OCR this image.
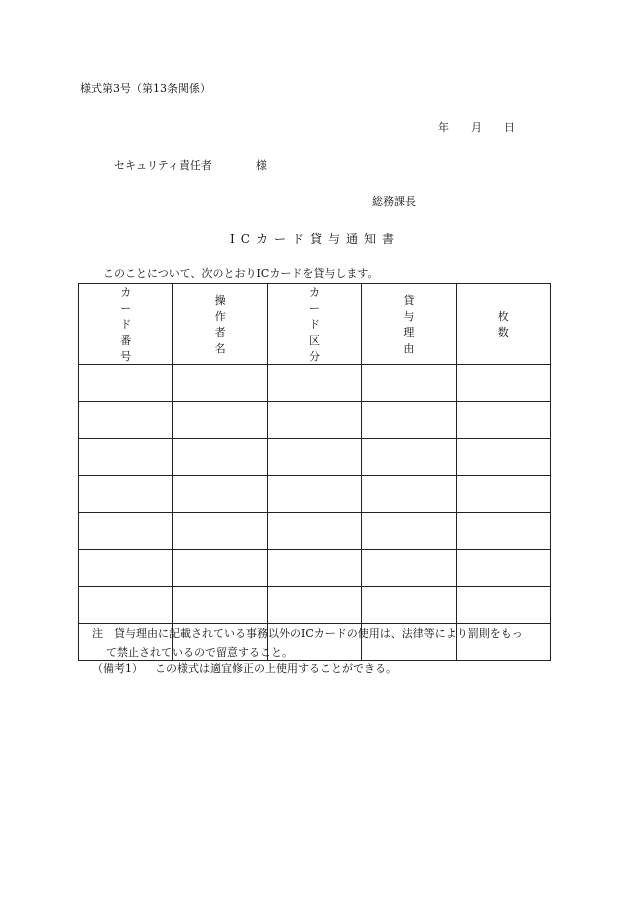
様式第3号（第13条関係）
年 月 日
セキュリティ責任者	様
総務課長
ICカード貸与通知書
このことについて、次のとおりICカードを貸与します。
カ
ー
ド
番
号	操
作
者
名	カ
ー
ド
区
分	貸
与
理
由	枚
数

注 貸与理由に記載されている事務以外のICカードの使用は、法律等により罰則をもっ
て禁止されているので留意すること。
（備考1） この様式は適宜修正の上使用することができる。
